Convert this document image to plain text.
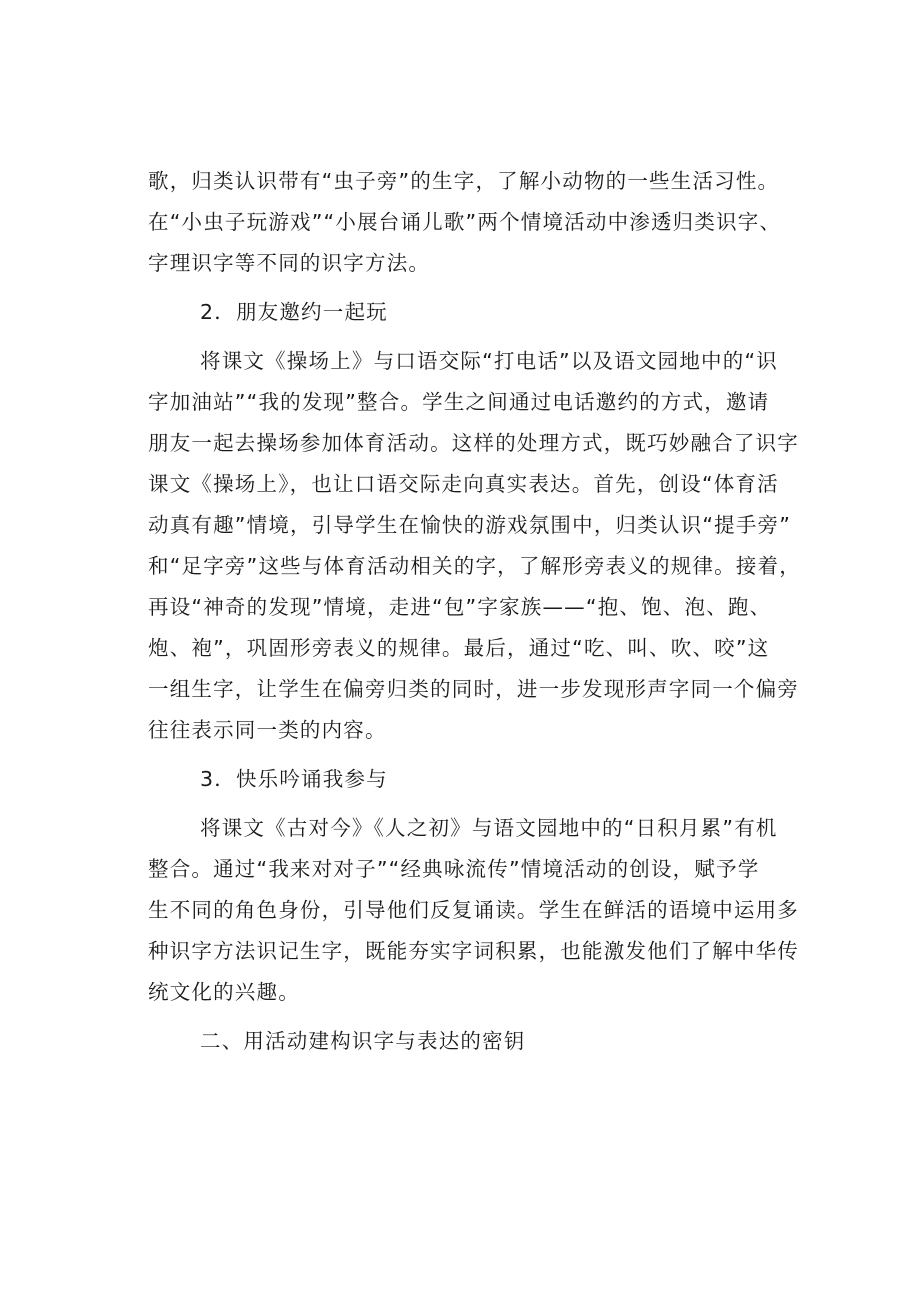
歌，归类认识带有“虫子旁”的生字，了解小动物的一些生活习性。
在“小虫子玩游戏”“小展台诵儿歌”两个情境活动中渗透归类识字、
字理识字等不同的识字方法。
2．朋友邀约一起玩
将课文《操场上》与口语交际“打电话”以及语文园地中的“识
字加油站”“我的发现”整合。学生之间通过电话邀约的方式，邀请
朋友一起去操场参加体育活动。这样的处理方式，既巧妙融合了识字
课文《操场上》，也让口语交际走向真实表达。首先，创设“体育活
动真有趣”情境，引导学生在愉快的游戏氛围中，归类认识“提手旁”
和“足字旁”这些与体育活动相关的字，了解形旁表义的规律。接着，
再设“神奇的发现”情境，走进“包”字家族——“抱、饱、泡、跑、
炮、袍”，巩固形旁表义的规律。最后，通过“吃、叫、吹、咬”这
一组生字，让学生在偏旁归类的同时，进一步发现形声字同一个偏旁
往往表示同一类的内容。
3．快乐吟诵我参与
将课文《古对今》《人之初》与语文园地中的“日积月累”有机
整合。通过“我来对对子”“经典咏流传”情境活动的创设，赋予学
生不同的角色身份，引导他们反复诵读。学生在鲜活的语境中运用多
种识字方法识记生字，既能夯实字词积累，也能激发他们了解中华传
统文化的兴趣。
二、用活动建构识字与表达的密钥
